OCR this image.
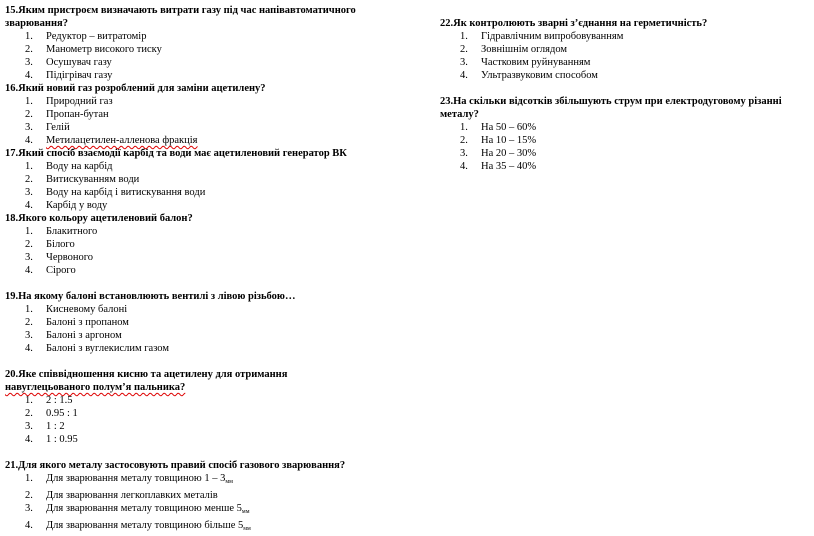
15.Яким пристроєм визначають витрати газу під час напівавтоматичного зварювання?
1. Редуктор – витратомір
2. Манометр високого тиску
3. Осушувач газу
4. Підігрівач газу
16.Який новий газ розроблений для заміни ацетилену?
1. Природний газ
2. Пропан-бутан
3. Гелій
4. Метилацетилен-алленова фракція
17.Який спосіб взаємодії карбід та води має ацетиленовий генератор ВК
1. Воду на карбід
2. Витискуванням води
3. Воду на карбід і витискування води
4. Карбід у воду
18.Якого кольору ацетиленовий балон?
1. Блакитного
2. Білого
3. Червоного
4. Сірого
19.На якому балоні встановлюють вентилі з лівою різьбою…
1. Кисневому балоні
2. Балоні з пропаном
3. Балоні з аргоном
4. Балоні з вуглекислим газом
20.Яке співвідношення кисню та ацетилену для отримання
навуглецьованого полум’я пальника?
1. 2 : 1.5
2. 0.95 : 1
3. 1 : 2
4. 1 : 0.95
21.Для якого металу застосовують правий спосіб газового зварювання?
1. Для зварювання металу товщиною $1 - 3_{мм}$
2. Для зварювання легкоплавких металів
3. Для зварювання металу товщиною менше $5_{мм}$
4. Для зварювання металу товщиною більше $5_{мм}$
22.Як контролюють зварні з’єднання на герметичність?
1. Гідравлічним випробовуванням
2. Зовнішнім оглядом
3. Частковим руйнуванням
4. Ультразвуковим способом
23.На скільки відсотків збільшують струм при електродуговому різанні металу?
1. На 50 – 60%
2. На 10 – 15%
3. На 20 – 30%
4. На 35 – 40%
